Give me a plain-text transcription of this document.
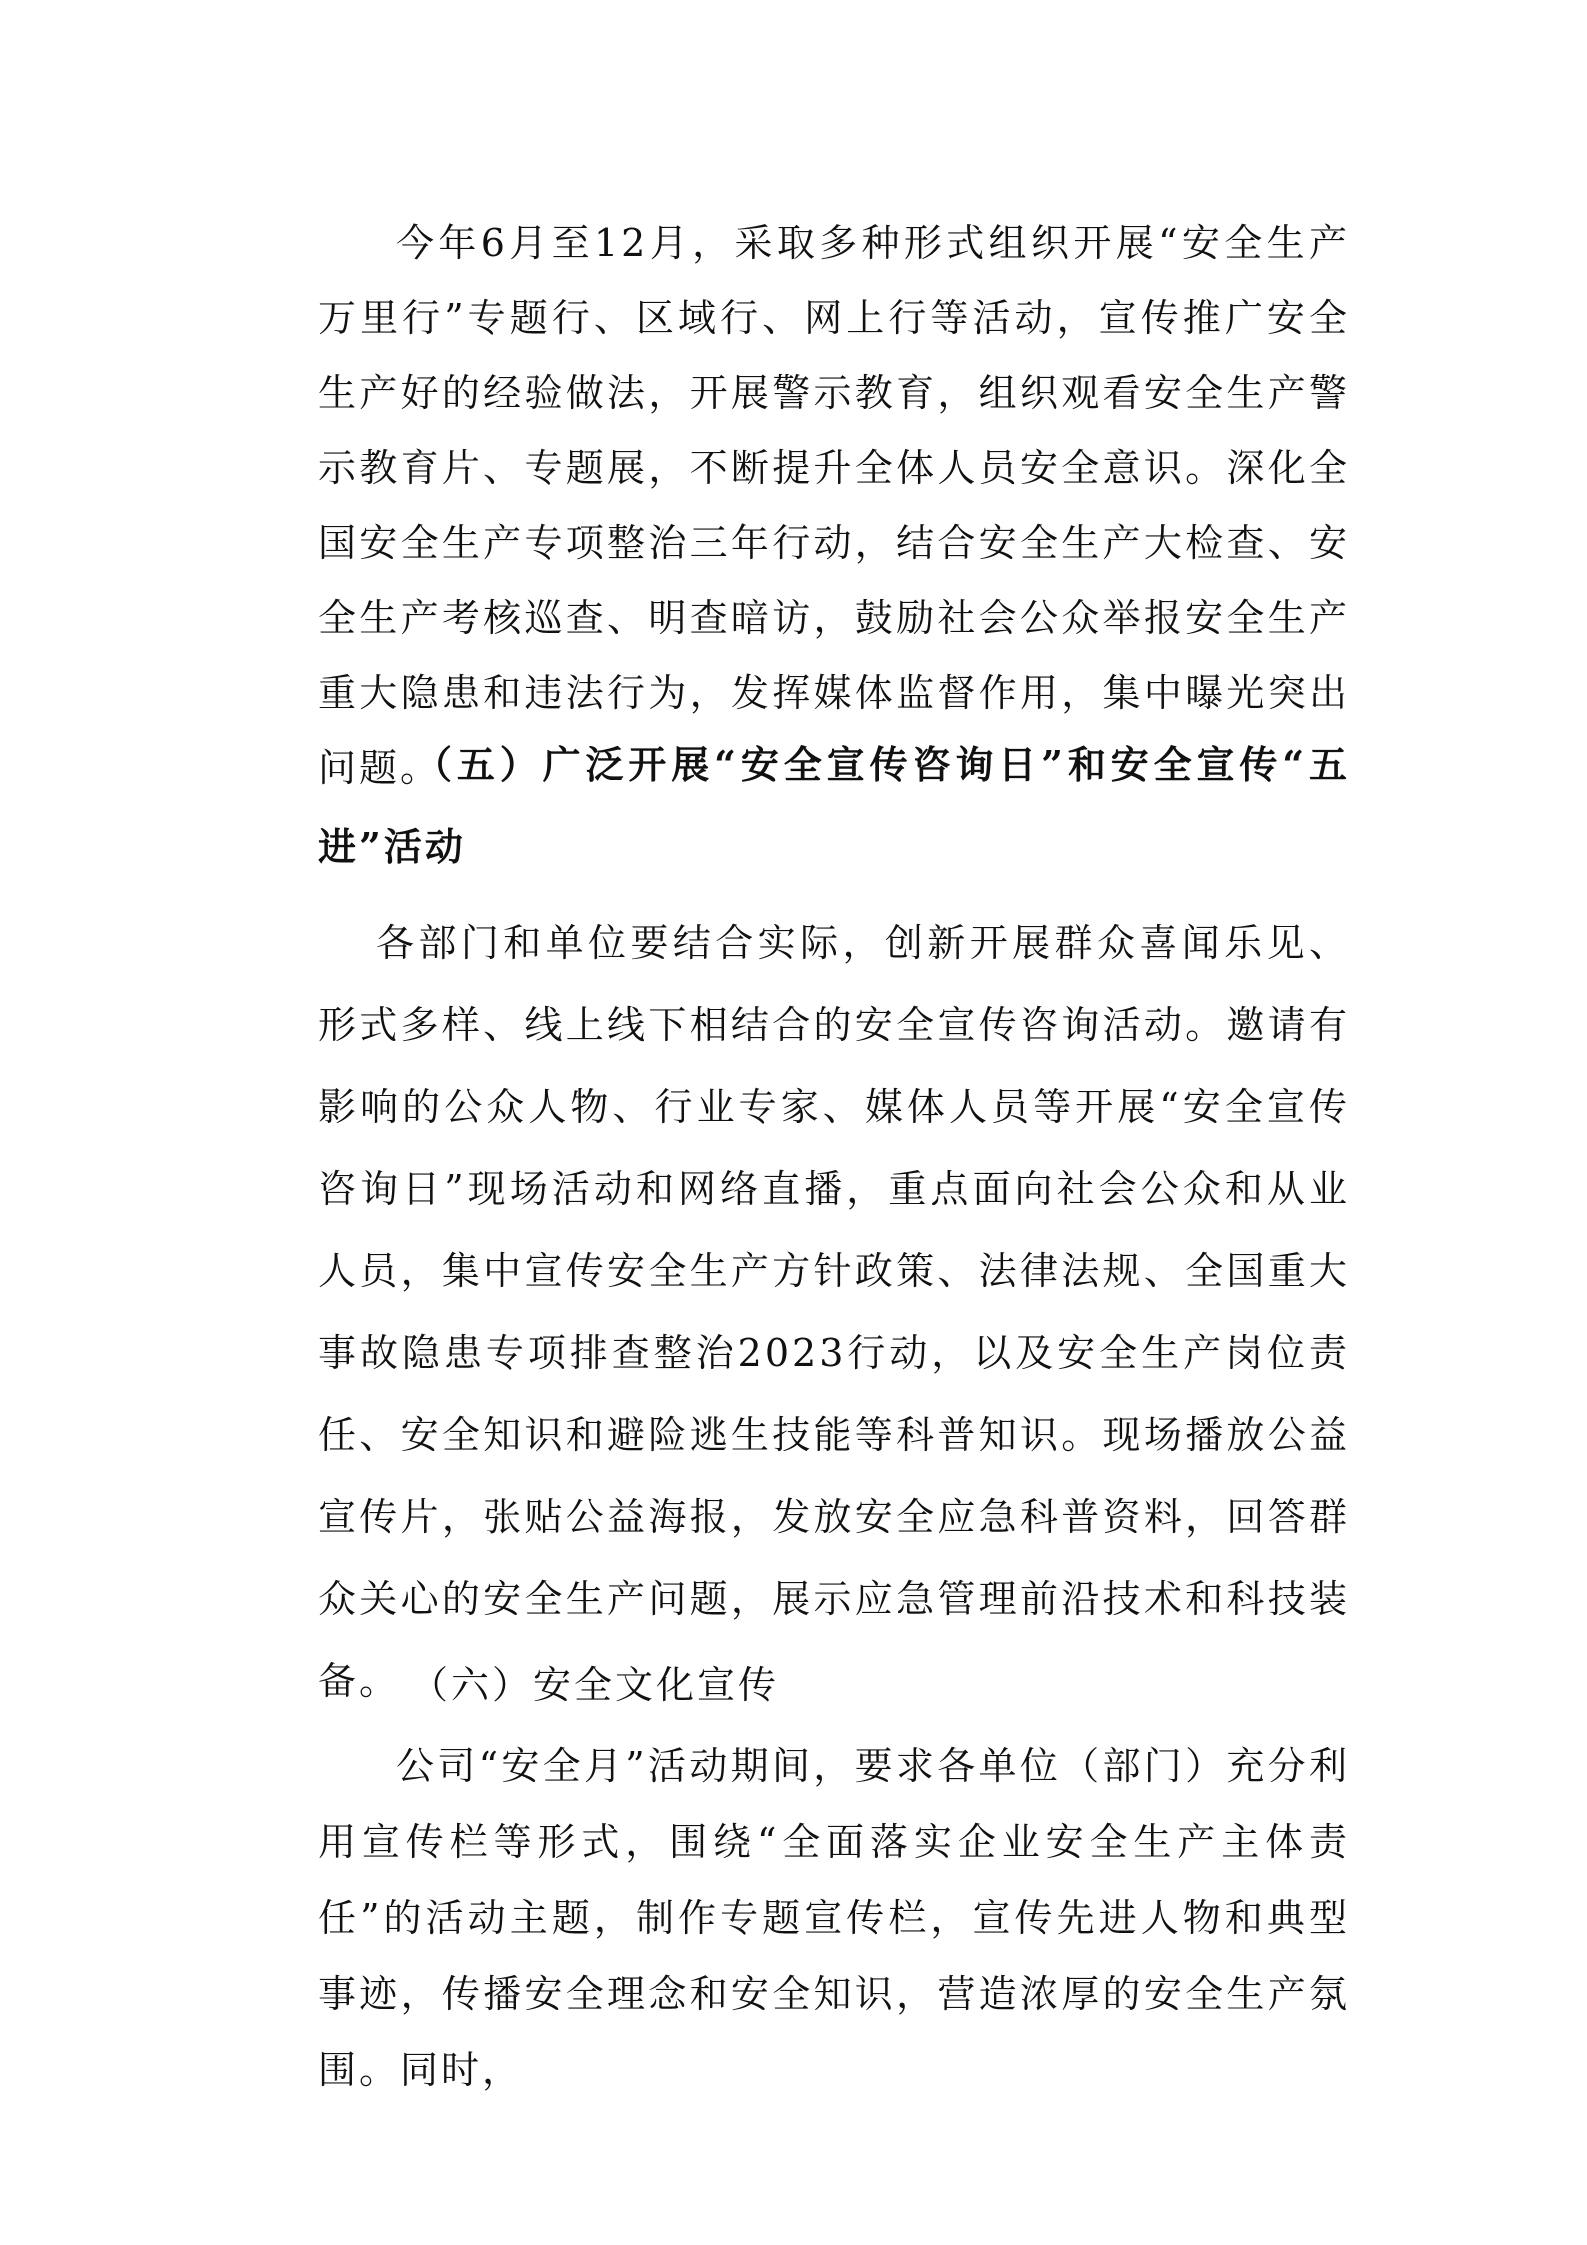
今年6月至12月，采取多种形式组织开展“安全生产万里行”专题行、区域行、网上行等活动，宣传推广安全生产好的经验做法，开展警示教育，组织观看安全生产警示教育片、专题展，不断提升全体人员安全意识。深化全国安全生产专项整治三年行动，结合安全生产大检查、安全生产考核巡查、明查暗访，鼓励社会公众举报安全生产重大隐患和违法行为，发挥媒体监督作用，集中曝光突出问题。

（五）广泛开展“安全宣传咨询日”和安全宣传“五进”活动

各部门和单位要结合实际，创新开展群众喜闻乐见、形式多样、线上线下相结合的安全宣传咨询活动。邀请有影响的公众人物、行业专家、媒体人员等开展“安全宣传咨询日”现场活动和网络直播，重点面向社会公众和从业人员，集中宣传安全生产方针政策、法律法规、全国重大事故隐患专项排查整治2023行动，以及安全生产岗位责任、安全知识和避险逃生技能等科普知识。现场播放公益宣传片，张贴公益海报，发放安全应急科普资料，回答群众关心的安全生产问题，展示应急管理前沿技术和科技装备。 （六）安全文化宣传

公司“安全月”活动期间，要求各单位（部门）充分利用宣传栏等形式，围绕“全面落实企业安全生产主体责任”的活动主题，制作专题宣传栏，宣传先进人物和典型事迹，传播安全理念和安全知识，营造浓厚的安全生产氛围。同时，
